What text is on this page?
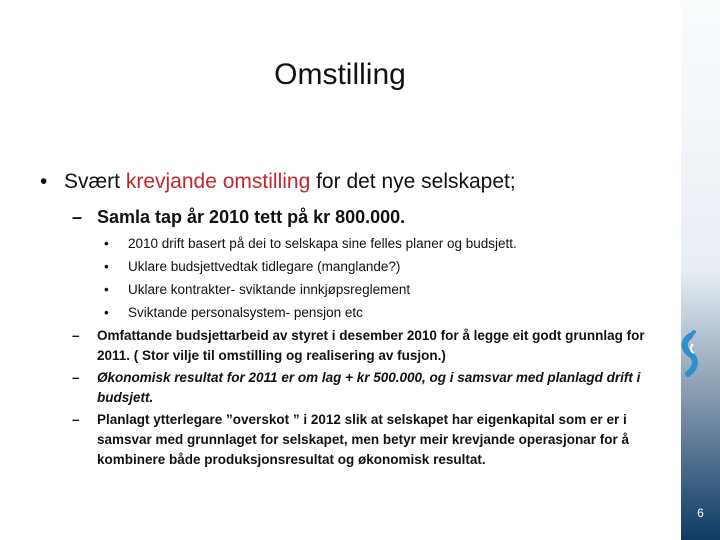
6
Omstilling
• Svært krevjande omstilling for det nye selskapet;
– Samla tap år 2010 tett på kr 800.000.
• 2010 drift basert på dei to selskapa sine felles planer og budsjett.
• Uklare budsjettvedtak tidlegare (manglande?)
• Uklare kontrakter- sviktande innkjøpsreglement
• Sviktande personalsystem- pensjon etc
– Omfattande budsjettarbeid av styret i desember 2010 for å legge eit godt grunnlag for 2011. ( Stor vilje til omstilling og realisering av fusjon.)
– Økonomisk resultat for 2011 er om lag + kr 500.000, og i samsvar med planlagd drift i budsjett.
– Planlagt ytterlegare ”overskot ” i 2012 slik at selskapet har eigenkapital som er er i samsvar med grunnlaget for selskapet, men betyr meir krevjande operasjonar for å kombinere både produksjonsresultat og økonomisk resultat.
